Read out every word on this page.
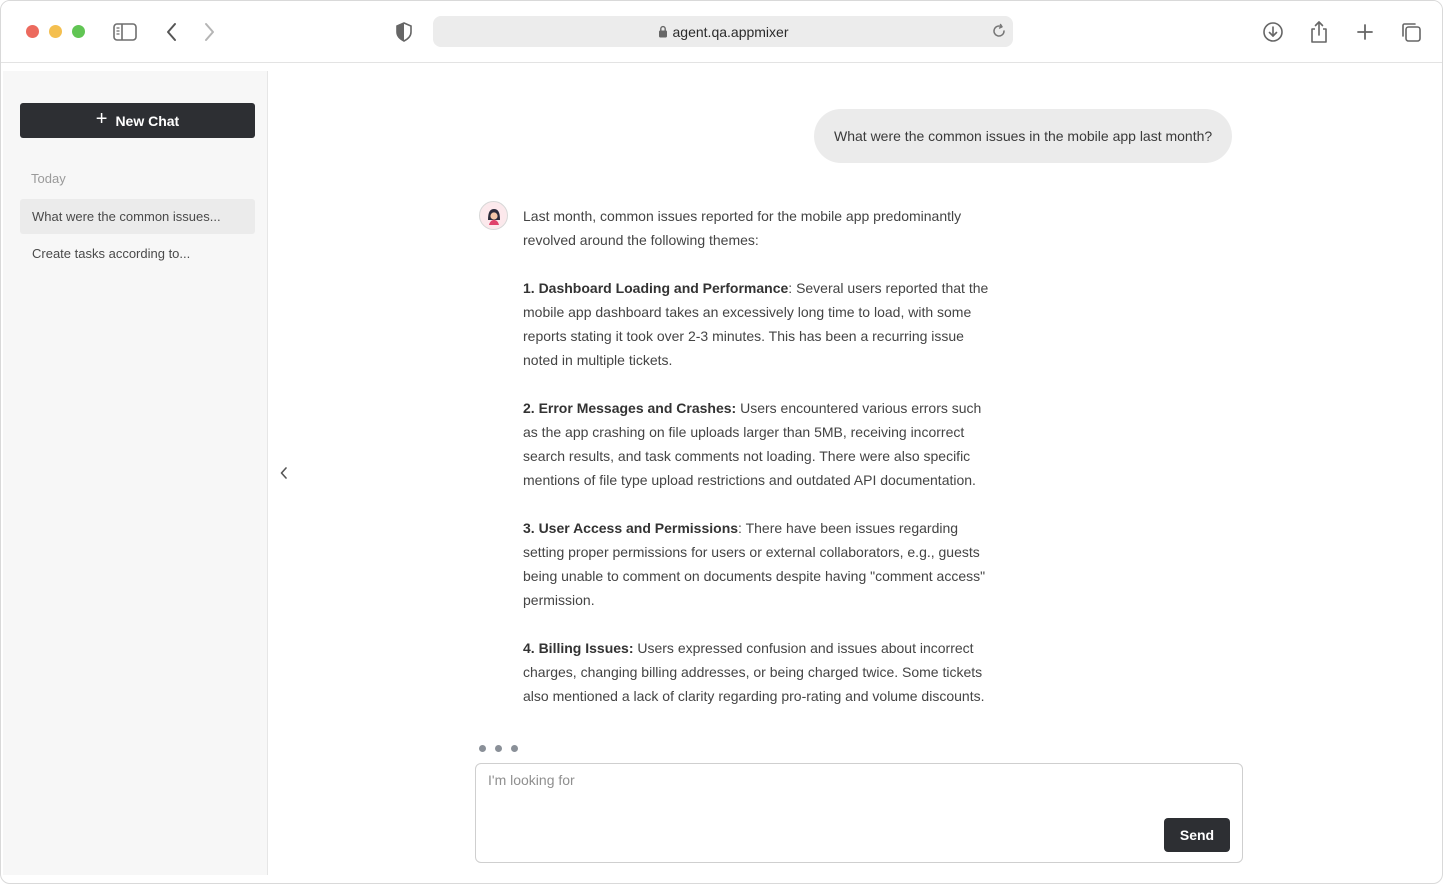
agent.qa.appmixer
+ New Chat
Today
What were the common issues...
Create tasks according to...
What were the common issues in the mobile app last month?

Last month, common issues reported for the mobile app predominantly revolved around the following themes:

1. Dashboard Loading and Performance: Several users reported that the mobile app dashboard takes an excessively long time to load, with some reports stating it took over 2-3 minutes. This has been a recurring issue noted in multiple tickets.

2. Error Messages and Crashes: Users encountered various errors such as the app crashing on file uploads larger than 5MB, receiving incorrect search results, and task comments not loading. There were also specific mentions of file type upload restrictions and outdated API documentation.

3. User Access and Permissions: There have been issues regarding setting proper permissions for users or external collaborators, e.g., guests being unable to comment on documents despite having "comment access" permission.

4. Billing Issues: Users expressed confusion and issues about incorrect charges, changing billing addresses, or being charged twice. Some tickets also mentioned a lack of clarity regarding pro-rating and volume discounts.

I'm looking for
Send
